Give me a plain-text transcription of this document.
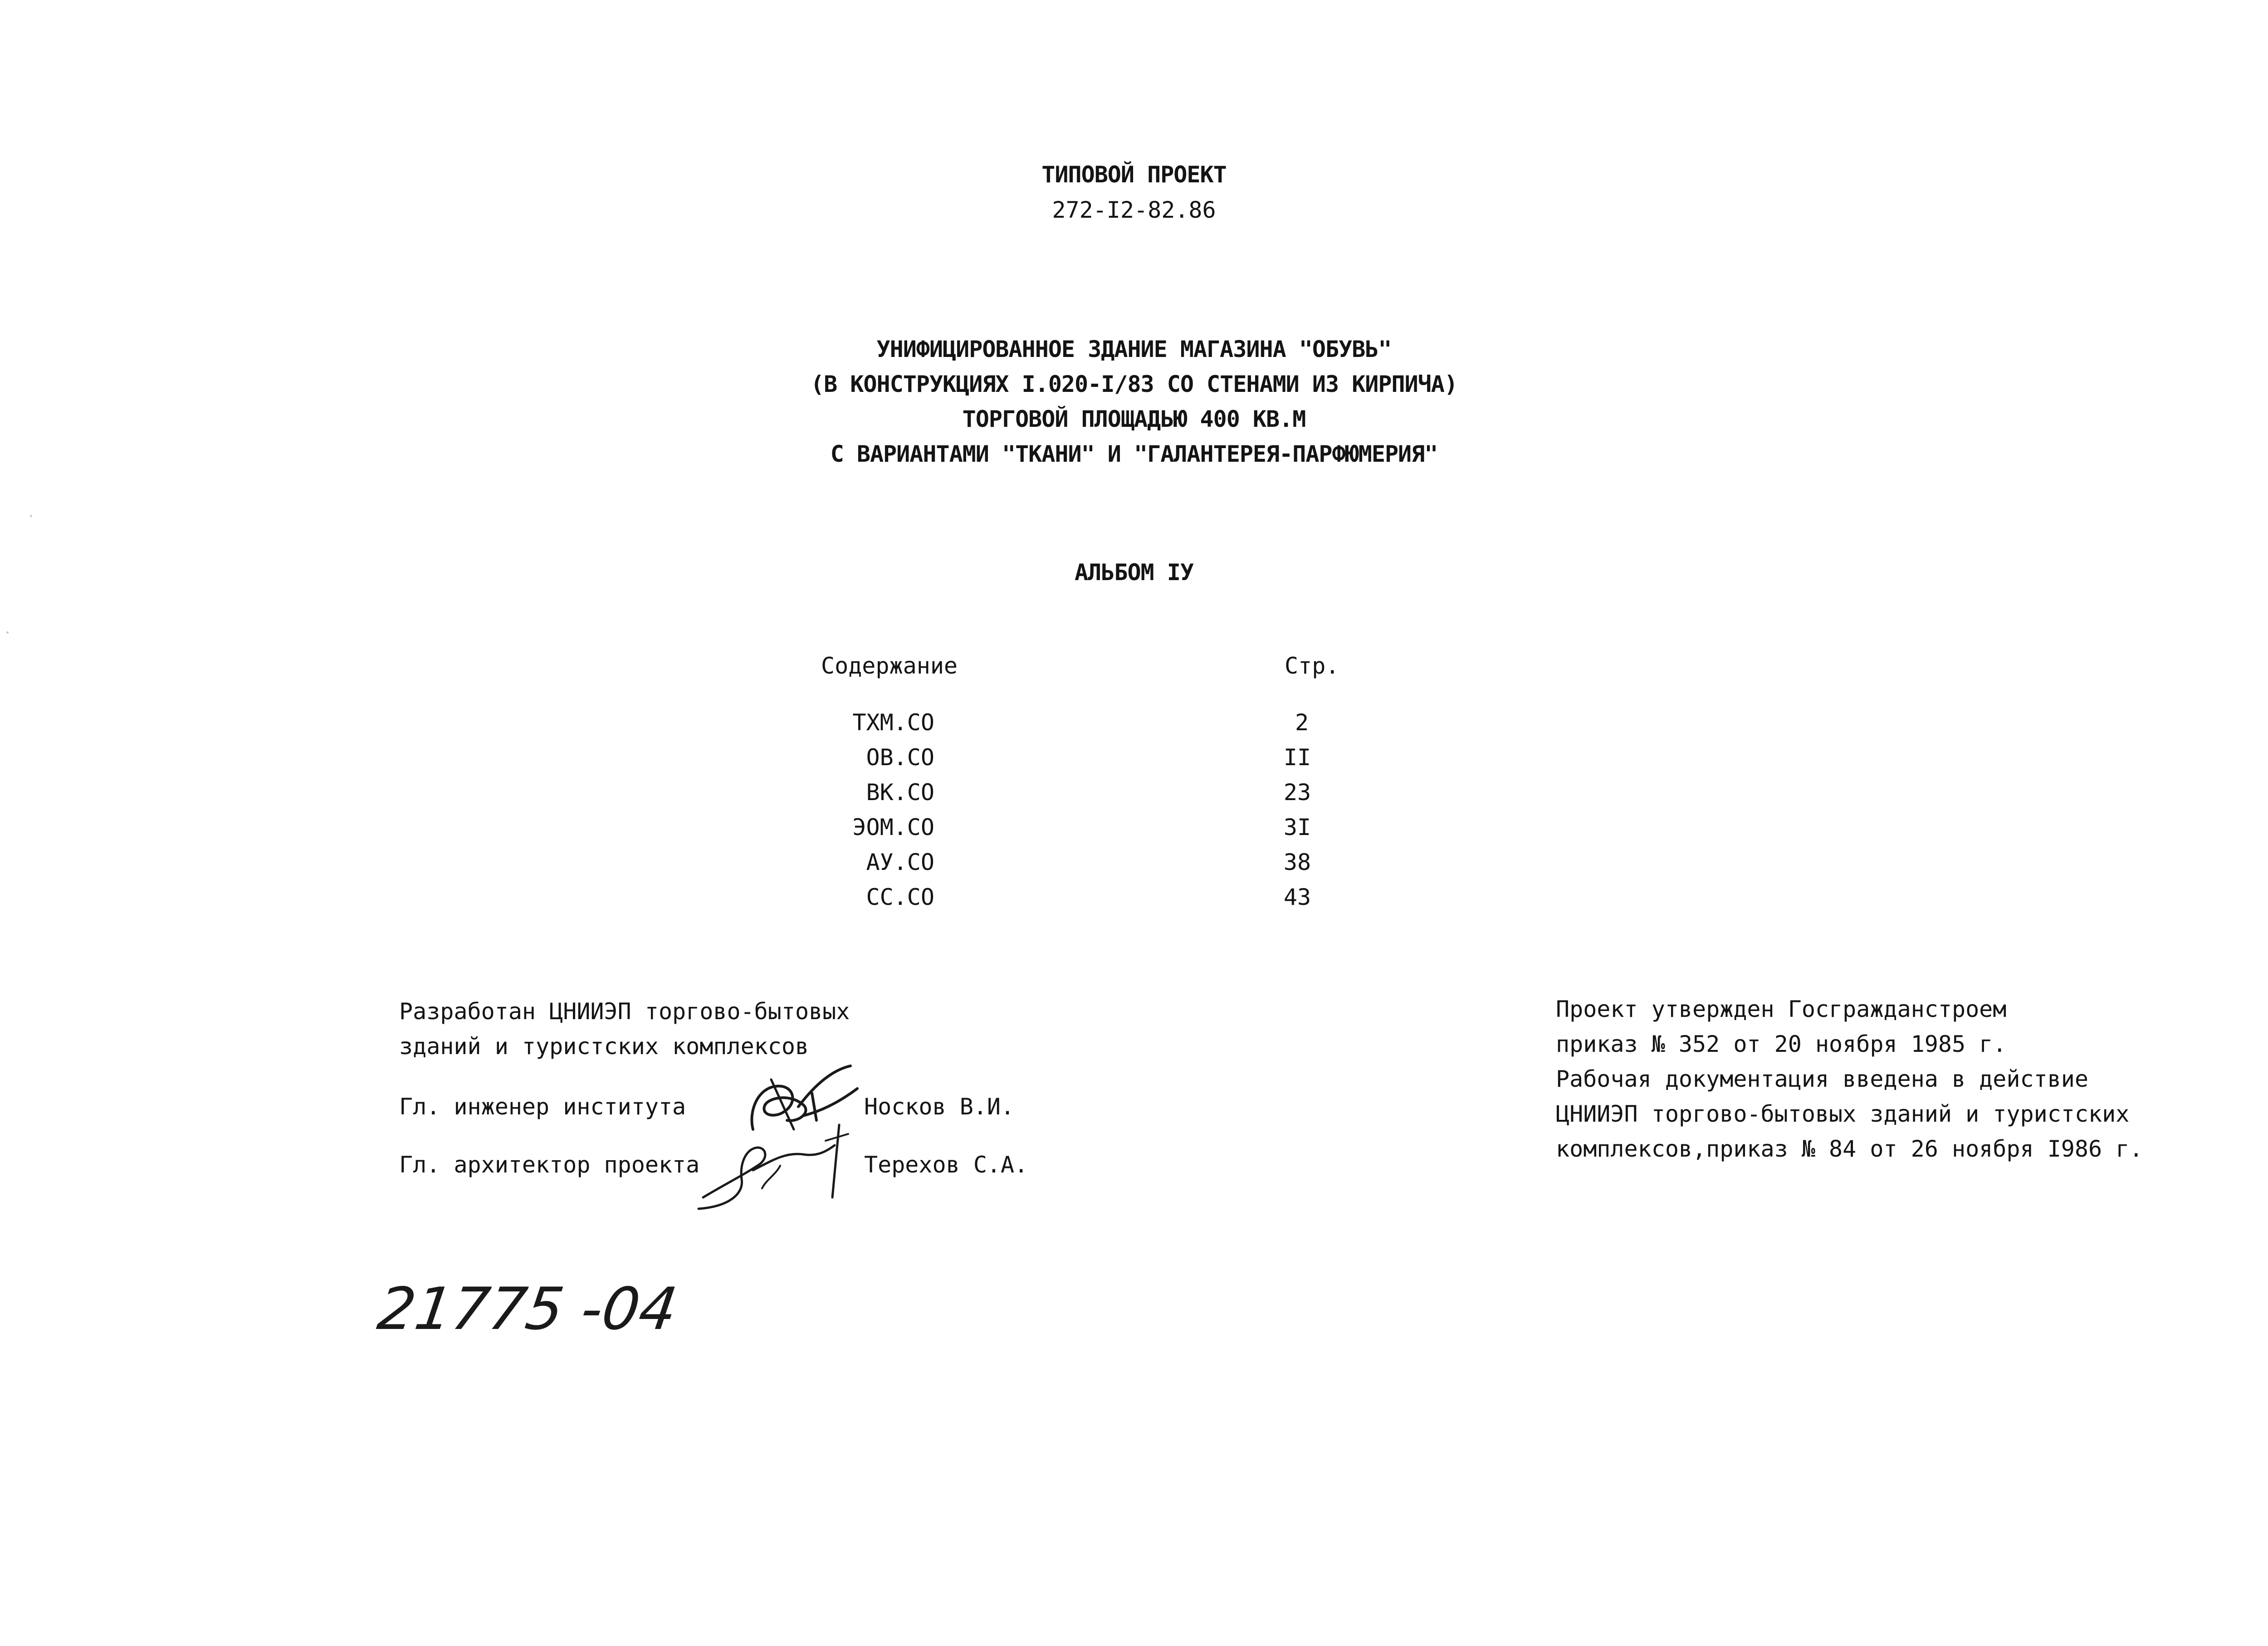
ТИПОВОЙ ПРОЕКТ
272-I2-82.86
УНИФИЦИРОВАННОЕ ЗДАНИЕ МАГАЗИНА "ОБУВЬ"
(В КОНСТРУКЦИЯХ I.020-I/83 СО СТЕНАМИ ИЗ КИРПИЧА)
ТОРГОВОЙ ПЛОЩАДЬЮ 400 КВ.М
С ВАРИАНТАМИ "ТКАНИ" И "ГАЛАНТЕРЕЯ-ПАРФЮМЕРИЯ"
АЛЬБОМ IУ
Содержание	Стр.
ТХМ.СО	2
ОВ.СО	II
ВК.СО	23
ЭОМ.СО	3I
АУ.СО	38
СС.СО	43
Разработан ЦНИИЭП торгово-бытовых
зданий и туристских комплексов
Гл. инженер института	Носков В.И.
Гл. архитектор проекта	Терехов С.А.
Проект утвержден Госгражданстроем
приказ № 352 от 20 ноября 1985 г.
Рабочая документация введена в действие
ЦНИИЭП торгово-бытовых зданий и туристских
комплексов,приказ № 84 от 26 ноября I986 г.
21775 -04
